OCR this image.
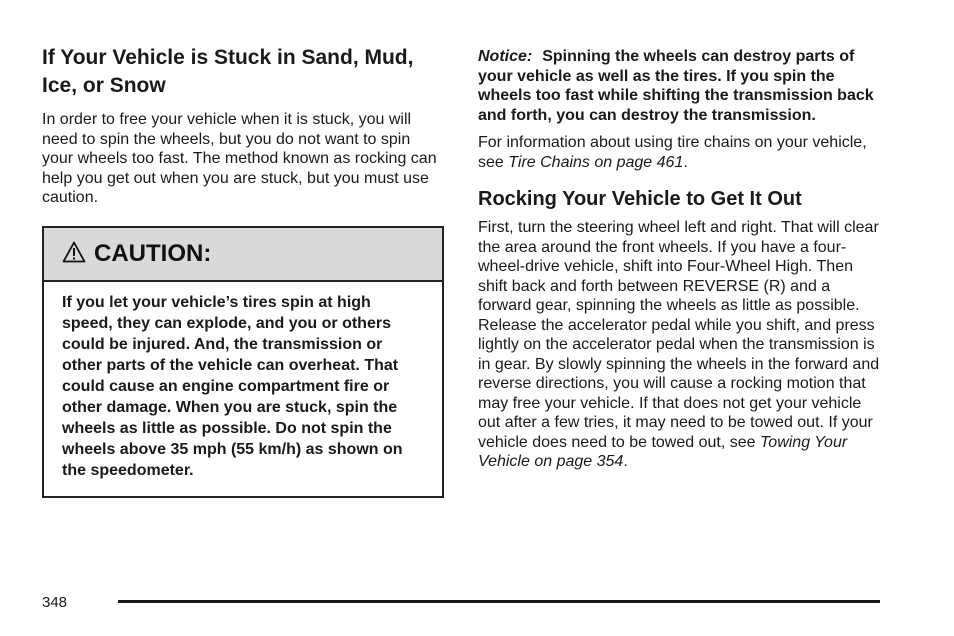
If Your Vehicle is Stuck in Sand, Mud, Ice, or Snow

In order to free your vehicle when it is stuck, you will need to spin the wheels, but you do not want to spin your wheels too fast. The method known as rocking can help you get out when you are stuck, but you must use caution.

CAUTION:
If you let your vehicle’s tires spin at high speed, they can explode, and you or others could be injured. And, the transmission or other parts of the vehicle can overheat. That could cause an engine compartment fire or other damage. When you are stuck, spin the wheels as little as possible. Do not spin the wheels above 35 mph (55 km/h) as shown on the speedometer.

Notice: Spinning the wheels can destroy parts of your vehicle as well as the tires. If you spin the wheels too fast while shifting the transmission back and forth, you can destroy the transmission.

For information about using tire chains on your vehicle, see Tire Chains on page 461.

Rocking Your Vehicle to Get It Out

First, turn the steering wheel left and right. That will clear the area around the front wheels. If you have a four-wheel-drive vehicle, shift into Four-Wheel High. Then shift back and forth between REVERSE (R) and a forward gear, spinning the wheels as little as possible. Release the accelerator pedal while you shift, and press lightly on the accelerator pedal when the transmission is in gear. By slowly spinning the wheels in the forward and reverse directions, you will cause a rocking motion that may free your vehicle. If that does not get your vehicle out after a few tries, it may need to be towed out. If your vehicle does need to be towed out, see Towing Your Vehicle on page 354.

348
